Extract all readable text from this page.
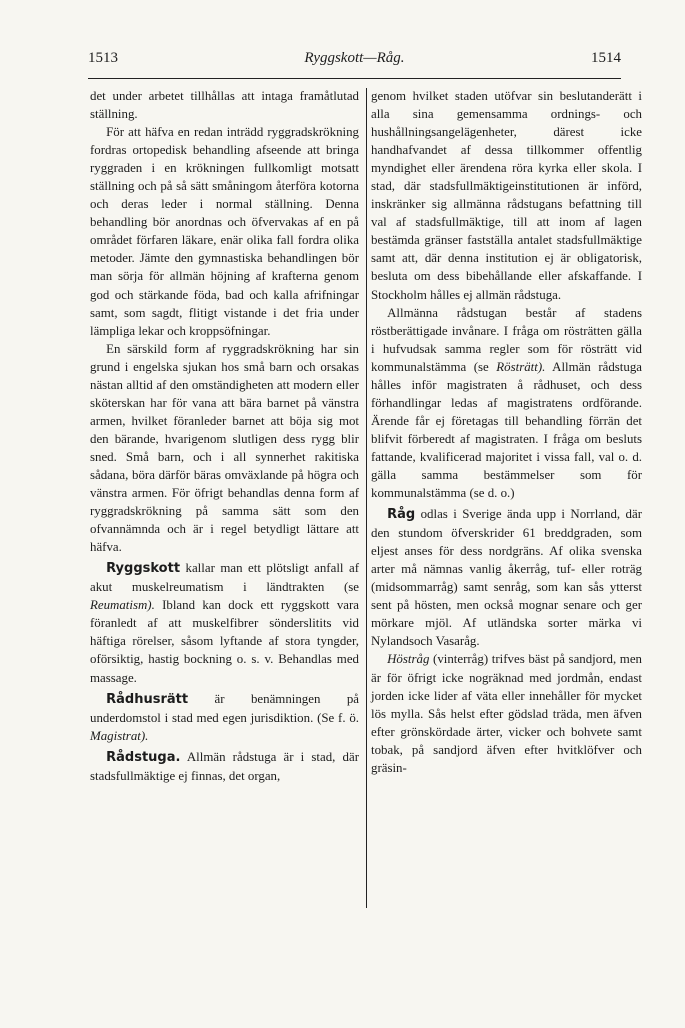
1513	Ryggskott—Råg.	1514

det under arbetet tillhållas att intaga framåtlutad ställning.

För att häfva en redan inträdd ryggradskrökning fordras ortopedisk behandling afseende att bringa ryggraden i en krökningen fullkomligt motsatt ställning och på så sätt småningom återföra kotorna och deras leder i normal ställning. Denna behandling bör anordnas och öfvervakas af en på området förfaren läkare, enär olika fall fordra olika metoder. Jämte den gymnastiska behandlingen bör man sörja för allmän höjning af krafterna genom god och stärkande föda, bad och kalla afrifningar samt, som sagdt, flitigt vistande i det fria under lämpliga lekar och kroppsöfningar.

En särskild form af ryggradskrökning har sin grund i engelska sjukan hos små barn och orsakas nästan alltid af den omständigheten att modern eller sköterskan har för vana att bära barnet på vänstra armen, hvilket föranleder barnet att böja sig mot den bärande, hvarigenom slutligen dess rygg blir sned. Små barn, och i all synnerhet rakitiska sådana, böra därför bäras omväxlande på högra och vänstra armen. För öfrigt behandlas denna form af ryggradskrökning på samma sätt som den ofvannämnda och är i regel betydligt lättare att häfva.

Ryggskott kallar man ett plötsligt anfall af akut muskelreumatism i ländtrakten (se Reumatism). Ibland kan dock ett ryggskott vara föranledt af att muskelfibrer sönderslitits vid häftiga rörelser, såsom lyftande af stora tyngder, oförsiktig, hastig bockning o. s. v. Behandlas med massage.

Rådhusrätt är benämningen på underdomstol i stad med egen jurisdiktion. (Se f. ö. Magistrat).

Rådstuga. Allmän rådstuga är i stad, där stadsfullmäktige ej finnas, det organ,

genom hvilket staden utöfvar sin beslutanderätt i alla sina gemensamma ordnings- och hushållningsangelägenheter, därest icke handhafvandet af dessa tillkommer offentlig myndighet eller ärendena röra kyrka eller skola. I stad, där stadsfullmäktigeinstitutionen är införd, inskränker sig allmänna rådstugans befattning till val af stadsfullmäktige, till att inom af lagen bestämda gränser fastställa antalet stadsfullmäktige samt att, där denna institution ej är obligatorisk, besluta om dess bibehållande eller afskaffande. I Stockholm hålles ej allmän rådstuga.

Allmänna rådstugan består af stadens röstberättigade invånare. I fråga om rösträtten gälla i hufvudsak samma regler som för rösträtt vid kommunalstämma (se Rösträtt). Allmän rådstuga hålles inför magistraten å rådhuset, och dess förhandlingar ledas af magistratens ordförande. Ärende får ej företagas till behandling förrän det blifvit förberedt af magistraten. I fråga om besluts fattande, kvalificerad majoritet i vissa fall, val o. d. gälla samma bestämmelser som för kommunalstämma (se d. o.)

Råg odlas i Sverige ända upp i Norrland, där den stundom öfverskrider 61 breddgraden, som eljest anses för dess nordgräns. Af olika svenska arter må nämnas vanlig åkerråg, tuf- eller roträg (midsommarråg) samt senråg, som kan sås ytterst sent på hösten, men också mognar senare och ger mörkare mjöl. Af utländska sorter märka vi Nylandsoch Vasaråg.

Höstråg (vinterråg) trifves bäst på sandjord, men är för öfrigt icke nogräknad med jordmån, endast jorden icke lider af väta eller innehåller för mycket lös mylla. Sås helst efter gödslad träda, men äfven efter grönskördade ärter, vicker och bohvete samt tobak, på sandjord äfven efter hvitklöfver och gräsin-
